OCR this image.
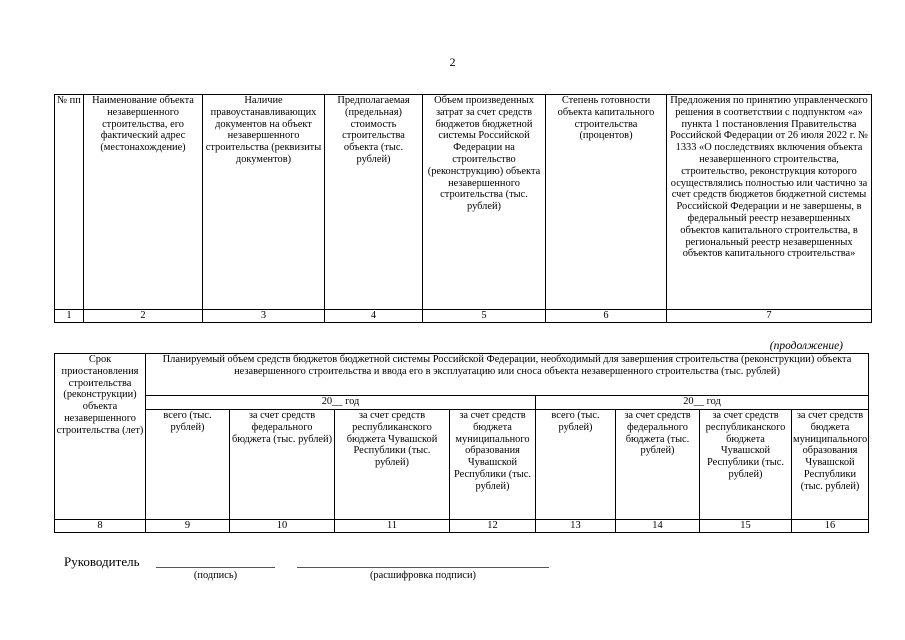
2
№ пп	Наименование объекта незавершенного строительства, его фактический адрес (местонахождение)	Наличие правоустанавливающих документов на объект незавершенного строительства (реквизиты документов)	Предполагаемая (предельная) стоимость строительства объекта (тыс. рублей)	Объем произведенных затрат за счет средств бюджетов бюджетной системы Российской Федерации на строительство (реконструкцию) объекта незавершенного строительства (тыс. рублей)	Степень готовности объекта капитального строительства (процентов)	Предложения по принятию управленческого решения в соответствии с подпунктом «а» пункта 1 постановления Правительства Российской Федерации от 26 июля 2022 г. № 1333 «О последствиях включения объекта незавершенного строительства, строительство, реконструкция которого осуществлялись полностью или частично за счет средств бюджетов бюджетной системы Российской Федерации и не завершены, в федеральный реестр незавершенных объектов капитального строительства, в региональный реестр незавершенных объектов капитального строительства»
1	2	3	4	5	6	7
(продолжение)
Срок приостановления строительства (реконструкции) объекта незавершенного строительства (лет)	Планируемый объем средств бюджетов бюджетной системы Российской Федерации, необходимый для завершения строительства (реконструкции) объекта незавершенного строительства и ввода его в эксплуатацию или сноса объекта незавершенного строительства (тыс. рублей)							
	20__ год				20__ год			
	всего (тыс. рублей)	за счет средств федерального бюджета (тыс. рублей)	за счет средств республиканского бюджета Чувашской Республики (тыс. рублей)	за счет средств бюджета муниципального образования Чувашской Республики (тыс. рублей)	всего (тыс. рублей)	за счет средств федерального бюджета (тыс. рублей)	за счет средств республиканского бюджета Чувашской Республики (тыс. рублей)	за счет средств бюджета муниципального образования Чувашской Республики (тыс. рублей)
8	9	10	11	12	13	14	15	16
Руководитель
(подпись)	(расшифровка подписи)
